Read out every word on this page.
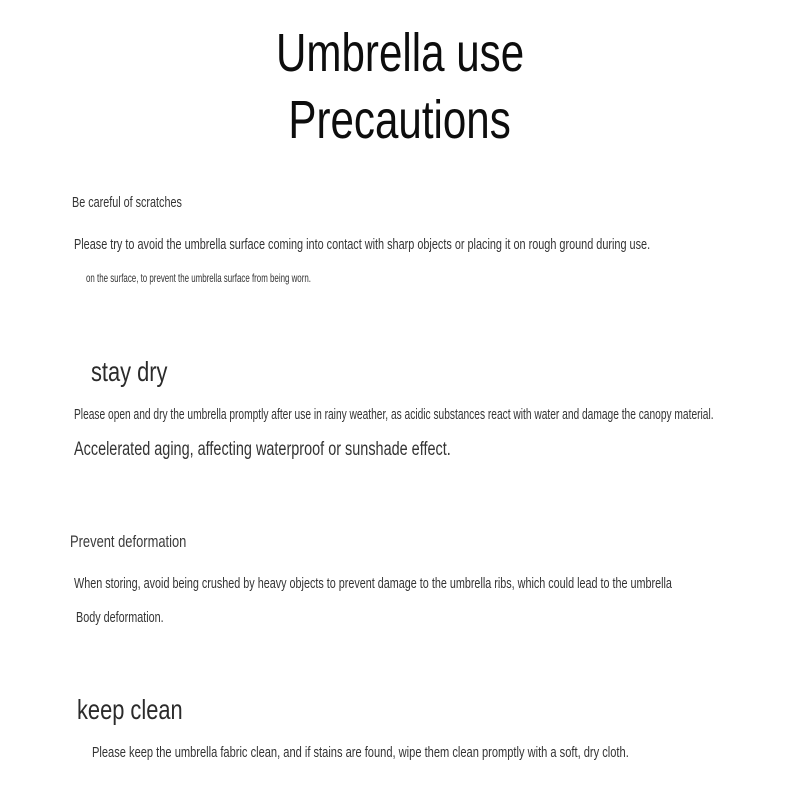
Umbrella use
Precautions
Be careful of scratches
Please try to avoid the umbrella surface coming into contact with sharp objects or placing it on rough ground during use.
on the surface, to prevent the umbrella surface from being worn.
stay dry
Please open and dry the umbrella promptly after use in rainy weather, as acidic substances react with water and damage the canopy material.
Accelerated aging, affecting waterproof or sunshade effect.
Prevent deformation
When storing, avoid being crushed by heavy objects to prevent damage to the umbrella ribs, which could lead to the umbrella
Body deformation.
keep clean
Please keep the umbrella fabric clean, and if stains are found, wipe them clean promptly with a soft, dry cloth.
